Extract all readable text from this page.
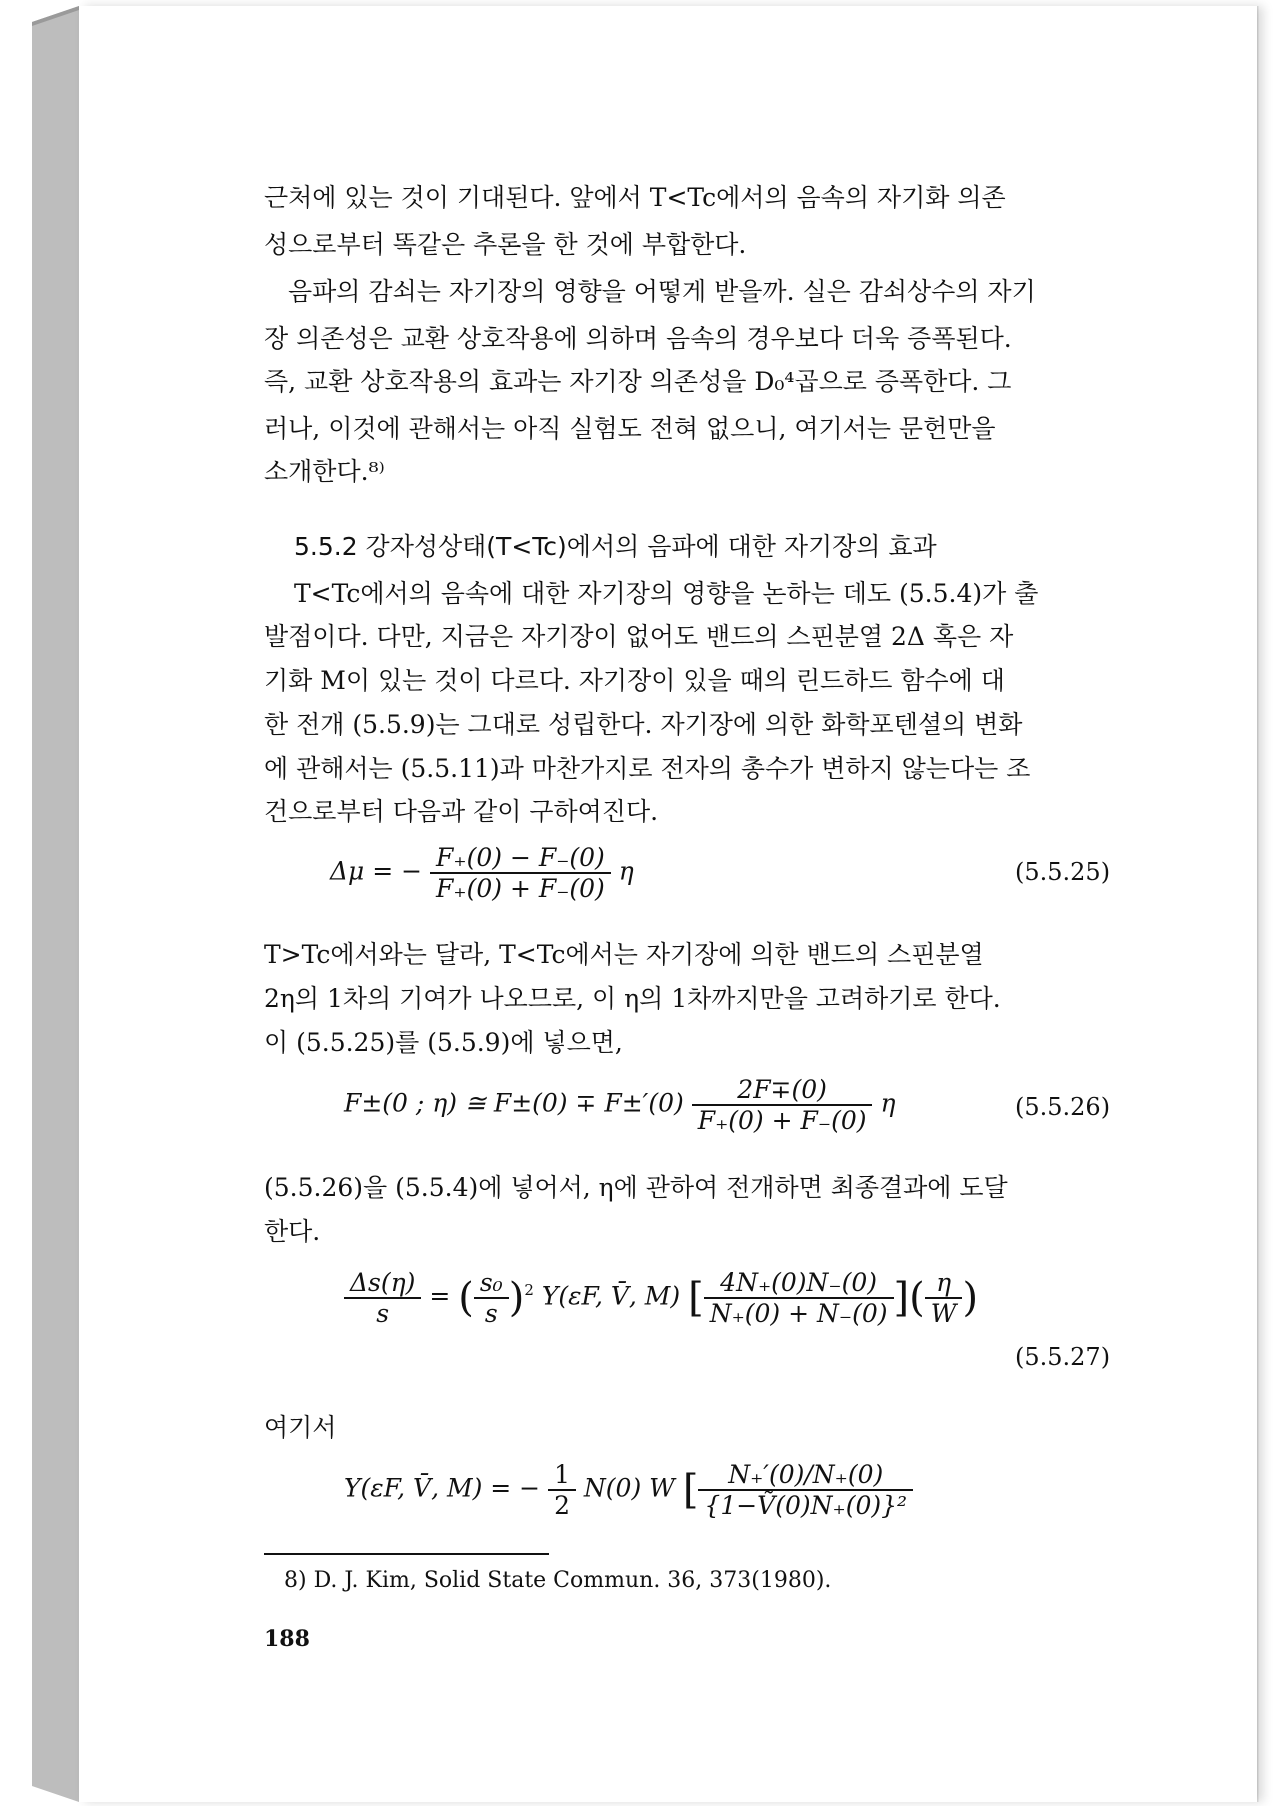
근처에 있는 것이 기대된다. 앞에서 T<Tc에서의 음속의 자기화 의존
성으로부터 똑같은 추론을 한 것에 부합한다.
음파의 감쇠는 자기장의 영향을 어떻게 받을까. 실은 감쇠상수의 자기
장 의존성은 교환 상호작용에 의하며 음속의 경우보다 더욱 증폭된다.
즉, 교환 상호작용의 효과는 자기장 의존성을 D₀⁴곱으로 증폭한다. 그
러나, 이것에 관해서는 아직 실험도 전혀 없으니, 여기서는 문헌만을
소개한다.⁸⁾
5.5.2 강자성상태(T<Tc)에서의 음파에 대한 자기장의 효과
T<Tc에서의 음속에 대한 자기장의 영향을 논하는 데도 (5.5.4)가 출
발점이다. 다만, 지금은 자기장이 없어도 밴드의 스핀분열 2Δ 혹은 자
기화 M이 있는 것이 다르다. 자기장이 있을 때의 린드하드 함수에 대
한 전개 (5.5.9)는 그대로 성립한다. 자기장에 의한 화학포텐셜의 변화
에 관해서는 (5.5.11)과 마찬가지로 전자의 총수가 변하지 않는다는 조
건으로부터 다음과 같이 구하여진다.
Δμ = − $\frac{F_+(0) - F_-(0)}{F_+(0) + F_-(0)}$ η	(5.5.25)
T>Tc에서와는 달라, T<Tc에서는 자기장에 의한 밴드의 스핀분열
2η의 1차의 기여가 나오므로, 이 η의 1차까지만을 고려하기로 한다.
이 (5.5.25)를 (5.5.9)에 넣으면,
F±(0 ; η) ≅ $F\pm(0) \mp F\pm'(0) \frac{2F\mp(0)}{F_+(0) + F_-(0)}$ η	(5.5.26)
(5.5.26)을 (5.5.4)에 넣어서, η에 관하여 전개하면 최종결과에 도달
한다.
$\frac{\Delta s(\eta)}{s}$ = ( $\frac{\text{s₀}}{s} )^2$ Y(εF, V̄, M) [ $\frac{4N_+(0)N_-(0)}{N_+(0) + N_-(0)}$ ]( $\frac{\eta}{W}$ )
(5.5.27)
여기서
Y(εF, V̄, M) = − $\frac{1}{2} N(0)$ W [ $\frac{N_+'(0)/N_+(0)}{\text{\{1−Ṽ(0)N₊(0)\}²}}$
8) D. J. Kim, Solid State Commun. 36, 373(1980).
188
